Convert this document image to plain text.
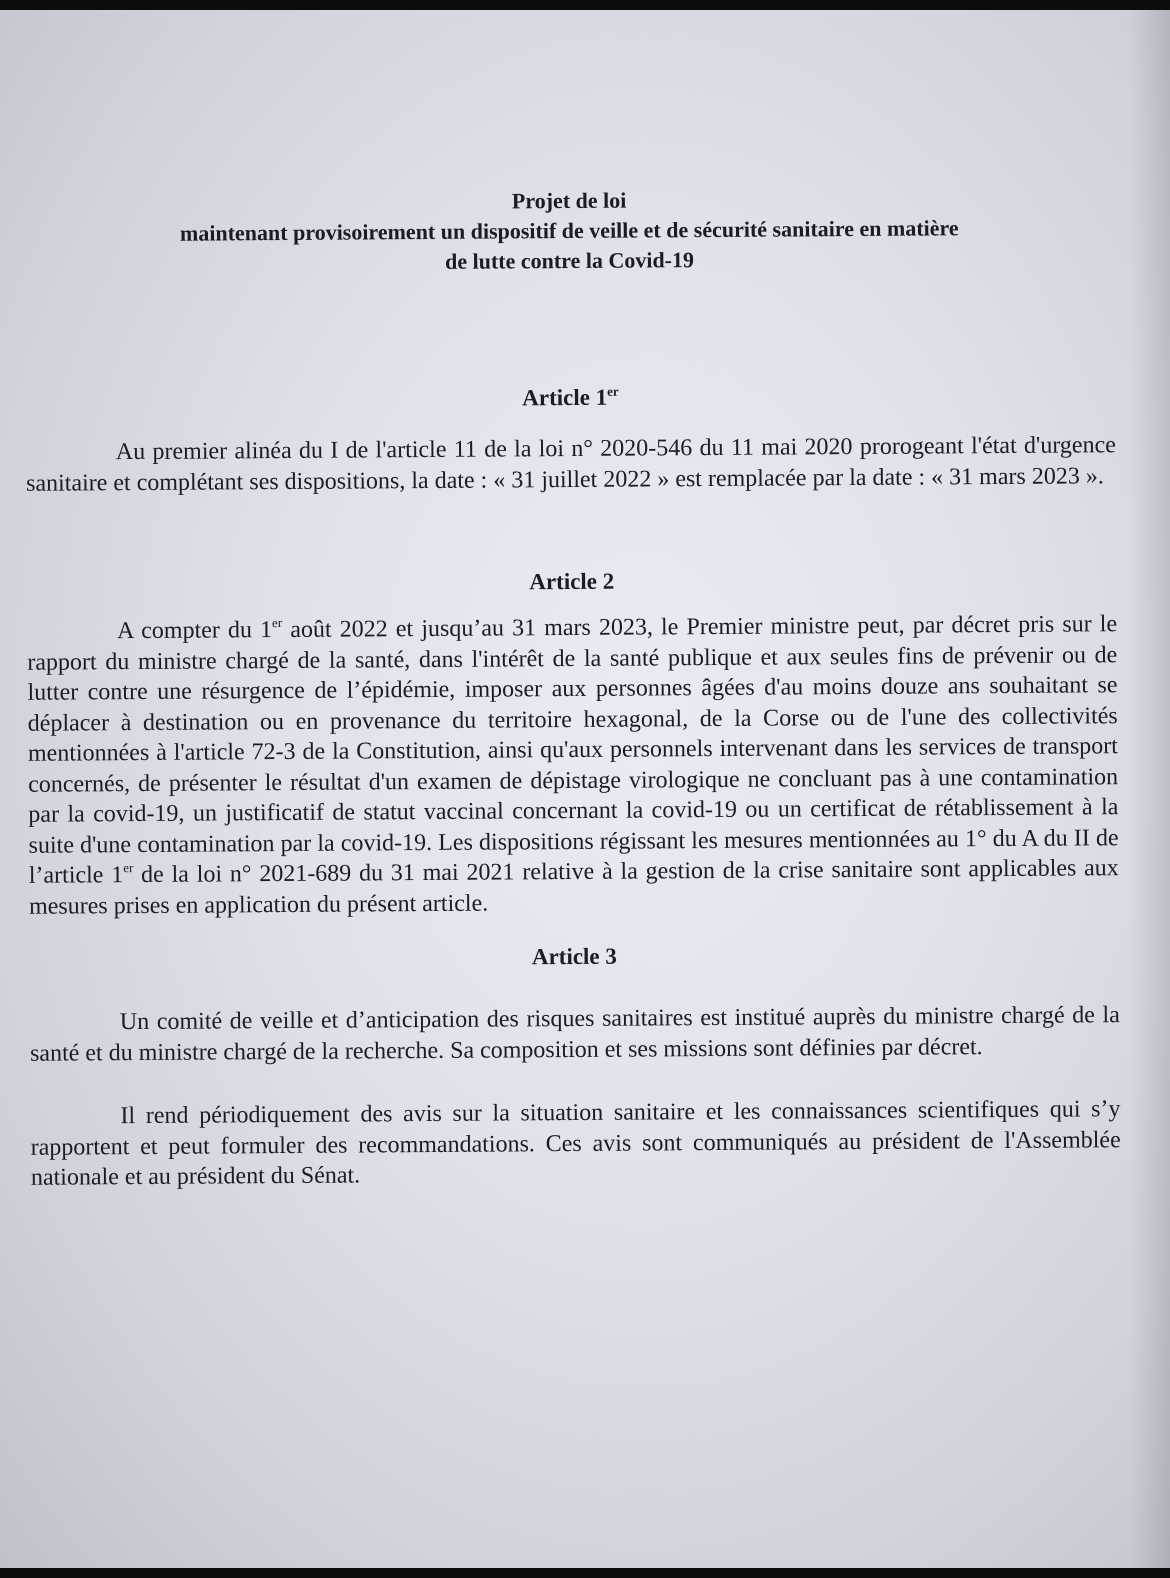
Projet de loi
maintenant provisoirement un dispositif de veille et de sécurité sanitaire en matière
de lutte contre la Covid-19

Article 1er

Au premier alinéa du I de l'article 11 de la loi n° 2020-546 du 11 mai 2020 prorogeant l'état d'urgence sanitaire et complétant ses dispositions, la date : « 31 juillet 2022 » est remplacée par la date : « 31 mars 2023 ».

Article 2

A compter du 1er août 2022 et jusqu’au 31 mars 2023, le Premier ministre peut, par décret pris sur le rapport du ministre chargé de la santé, dans l'intérêt de la santé publique et aux seules fins de prévenir ou de lutter contre une résurgence de l’épidémie, imposer aux personnes âgées d'au moins douze ans souhaitant se déplacer à destination ou en provenance du territoire hexagonal, de la Corse ou de l'une des collectivités mentionnées à l'article 72-3 de la Constitution, ainsi qu'aux personnels intervenant dans les services de transport concernés, de présenter le résultat d'un examen de dépistage virologique ne concluant pas à une contamination par la covid-19, un justificatif de statut vaccinal concernant la covid-19 ou un certificat de rétablissement à la suite d'une contamination par la covid-19. Les dispositions régissant les mesures mentionnées au 1° du A du II de l’article 1er de la loi n° 2021-689 du 31 mai 2021 relative à la gestion de la crise sanitaire sont applicables aux mesures prises en application du présent article.

Article 3

Un comité de veille et d’anticipation des risques sanitaires est institué auprès du ministre chargé de la santé et du ministre chargé de la recherche. Sa composition et ses missions sont définies par décret.

Il rend périodiquement des avis sur la situation sanitaire et les connaissances scientifiques qui s’y rapportent et peut formuler des recommandations. Ces avis sont communiqués au président de l'Assemblée nationale et au président du Sénat.
